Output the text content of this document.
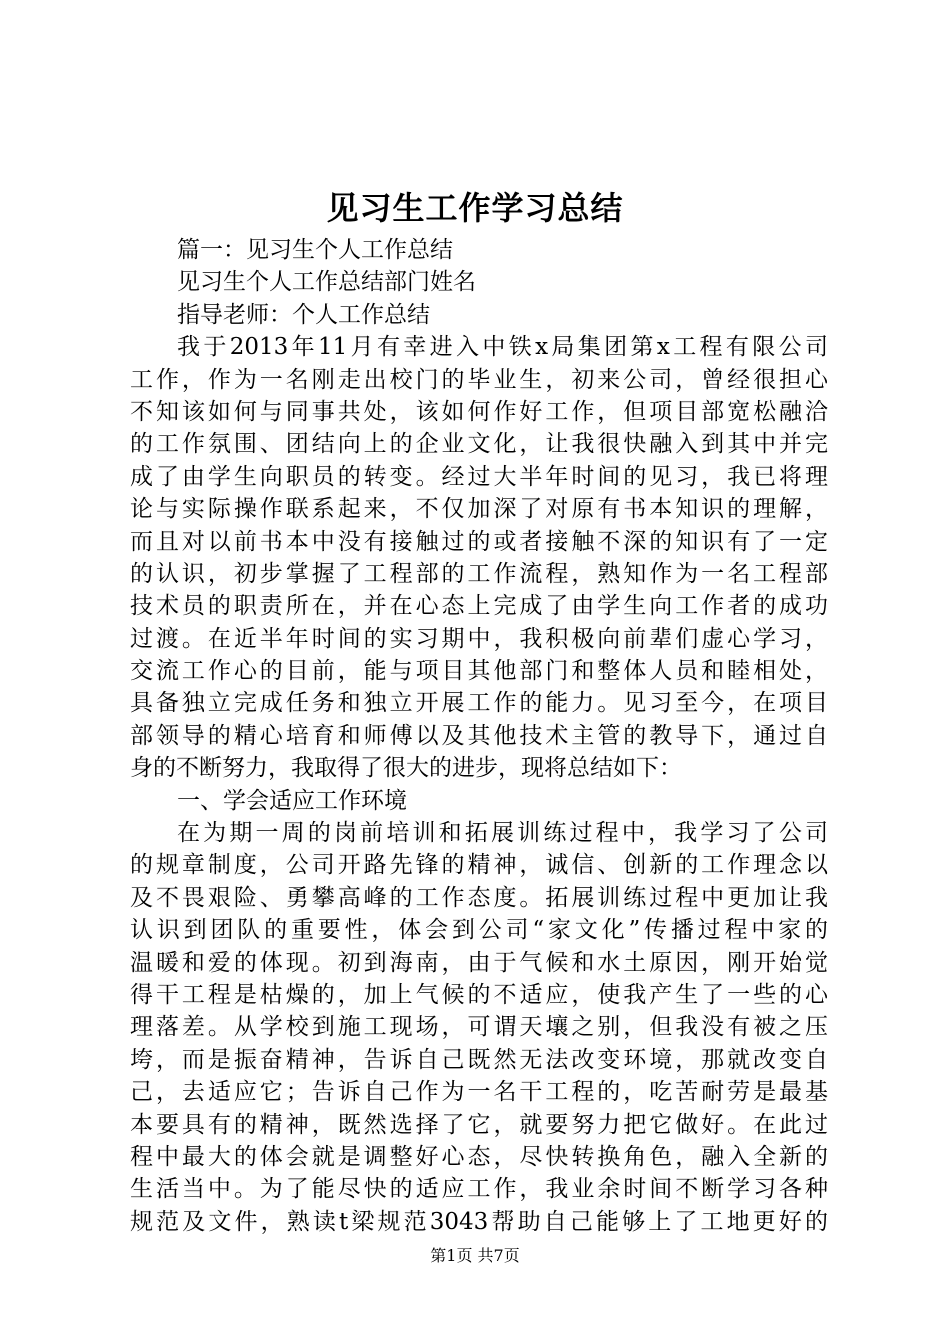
见习生工作学习总结
篇一：见习生个人工作总结
见习生个人工作总结部门姓名
指导老师：个人工作总结
我于2013年11月有幸进入中铁x局集团第x工程有限公司
工作，作为一名刚走出校门的毕业生，初来公司，曾经很担心
不知该如何与同事共处，该如何作好工作，但项目部宽松融洽
的工作氛围、团结向上的企业文化，让我很快融入到其中并完
成了由学生向职员的转变。经过大半年时间的见习，我已将理
论与实际操作联系起来，不仅加深了对原有书本知识的理解，
而且对以前书本中没有接触过的或者接触不深的知识有了一定
的认识，初步掌握了工程部的工作流程，熟知作为一名工程部
技术员的职责所在，并在心态上完成了由学生向工作者的成功
过渡。在近半年时间的实习期中，我积极向前辈们虚心学习，
交流工作心的目前，能与项目其他部门和整体人员和睦相处，
具备独立完成任务和独立开展工作的能力。见习至今，在项目
部领导的精心培育和师傅以及其他技术主管的教导下，通过自
身的不断努力，我取得了很大的进步，现将总结如下：
一、学会适应工作环境
在为期一周的岗前培训和拓展训练过程中，我学习了公司
的规章制度，公司开路先锋的精神，诚信、创新的工作理念以
及不畏艰险、勇攀高峰的工作态度。拓展训练过程中更加让我
认识到团队的重要性，体会到公司“家文化”传播过程中家的
温暖和爱的体现。初到海南，由于气候和水土原因，刚开始觉
得干工程是枯燥的，加上气候的不适应，使我产生了一些的心
理落差。从学校到施工现场，可谓天壤之别，但我没有被之压
垮，而是振奋精神，告诉自己既然无法改变环境，那就改变自
己，去适应它；告诉自己作为一名干工程的，吃苦耐劳是最基
本要具有的精神，既然选择了它，就要努力把它做好。在此过
程中最大的体会就是调整好心态，尽快转换角色，融入全新的
生活当中。为了能尽快的适应工作，我业余时间不断学习各种
规范及文件，熟读t梁规范3043帮助自己能够上了工地更好的
第1页 共7页
